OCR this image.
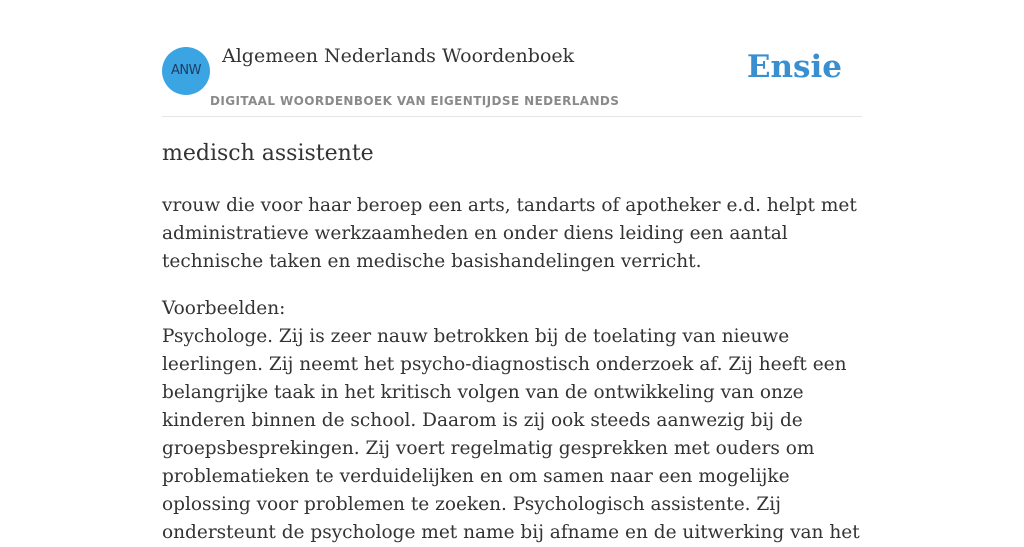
ANW
Algemeen Nederlands Woordenboek
DIGITAAL WOORDENBOEK VAN EIGENTIJDSE NEDERLANDS
Ensie
medisch assistente

vrouw die voor haar beroep een arts, tandarts of apotheker e.d. helpt met administratieve werkzaamheden en onder diens leiding een aantal technische taken en medische basishandelingen verricht.

Voorbeelden:
Psychologe. Zij is zeer nauw betrokken bij de toelating van nieuwe leerlingen. Zij neemt het psycho-diagnostisch onderzoek af. Zij heeft een belangrijke taak in het kritisch volgen van de ontwikkeling van onze kinderen binnen de school. Daarom is zij ook steeds aanwezig bij de groepsbesprekingen. Zij voert regelmatig gesprekken met ouders om problematieken te verduidelijken en om samen naar een mogelijke oplossing voor problemen te zoeken. Psychologisch assistente. Zij ondersteunt de psychologe met name bij afname en de uitwerking van het
